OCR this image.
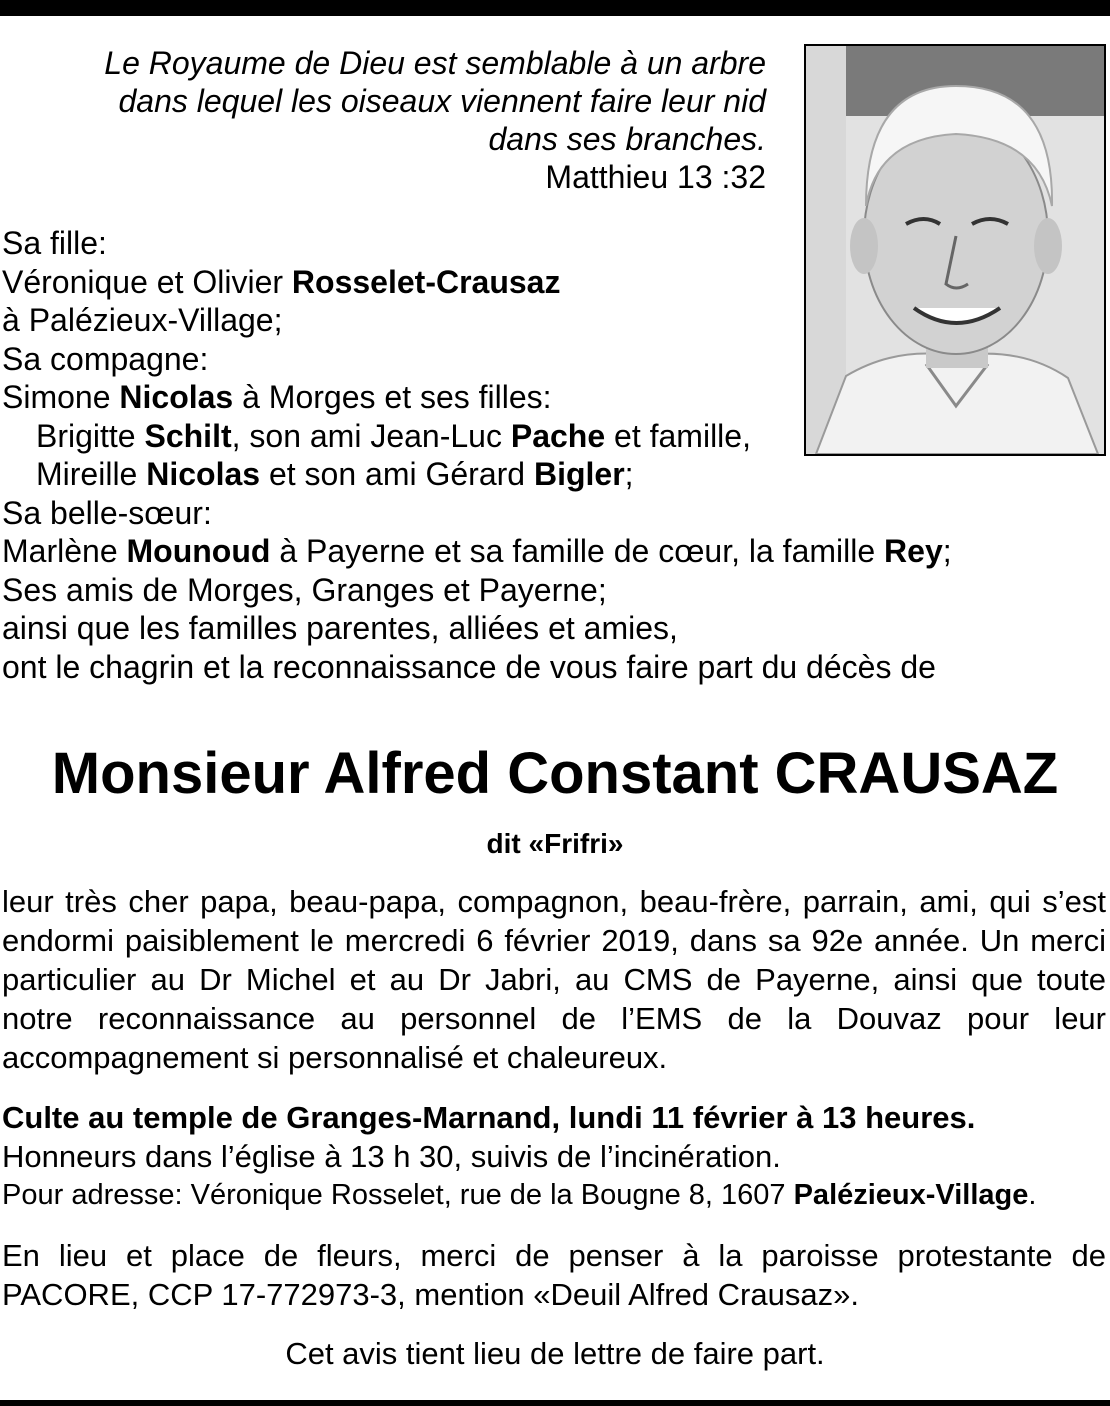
Le Royaume de Dieu est semblable à un arbre
dans lequel les oiseaux viennent faire leur nid
dans ses branches.
Matthieu 13 :32
Sa fille:
Véronique et Olivier Rosselet-Crausaz
à Palézieux-Village;
Sa compagne:
Simone Nicolas à Morges et ses filles:
Brigitte Schilt, son ami Jean-Luc Pache et famille,
Mireille Nicolas et son ami Gérard Bigler;
Sa belle-sœur:
Marlène Mounoud à Payerne et sa famille de cœur, la famille Rey;
Ses amis de Morges, Granges et Payerne;
ainsi que les familles parentes, alliées et amies,
ont le chagrin et la reconnaissance de vous faire part du décès de
Monsieur Alfred Constant CRAUSAZ
dit «Frifri»
leur très cher papa, beau-papa, compagnon, beau-frère, parrain, ami, qui s’est endormi paisiblement le mercredi 6 février 2019, dans sa 92e année. Un merci particulier au Dr Michel et au Dr Jabri, au CMS de Payerne, ainsi que toute notre reconnaissance au personnel de l’EMS de la Douvaz pour leur accompagnement si personnalisé et chaleureux.
Culte au temple de Granges-Marnand, lundi 11 février à 13 heures.
Honneurs dans l’église à 13 h 30, suivis de l’incinération.
Pour adresse: Véronique Rosselet, rue de la Bougne 8, 1607 Palézieux-Village.
En lieu et place de fleurs, merci de penser à la paroisse protestante de PACORE, CCP 17-772973-3, mention «Deuil Alfred Crausaz».
Cet avis tient lieu de lettre de faire part.
